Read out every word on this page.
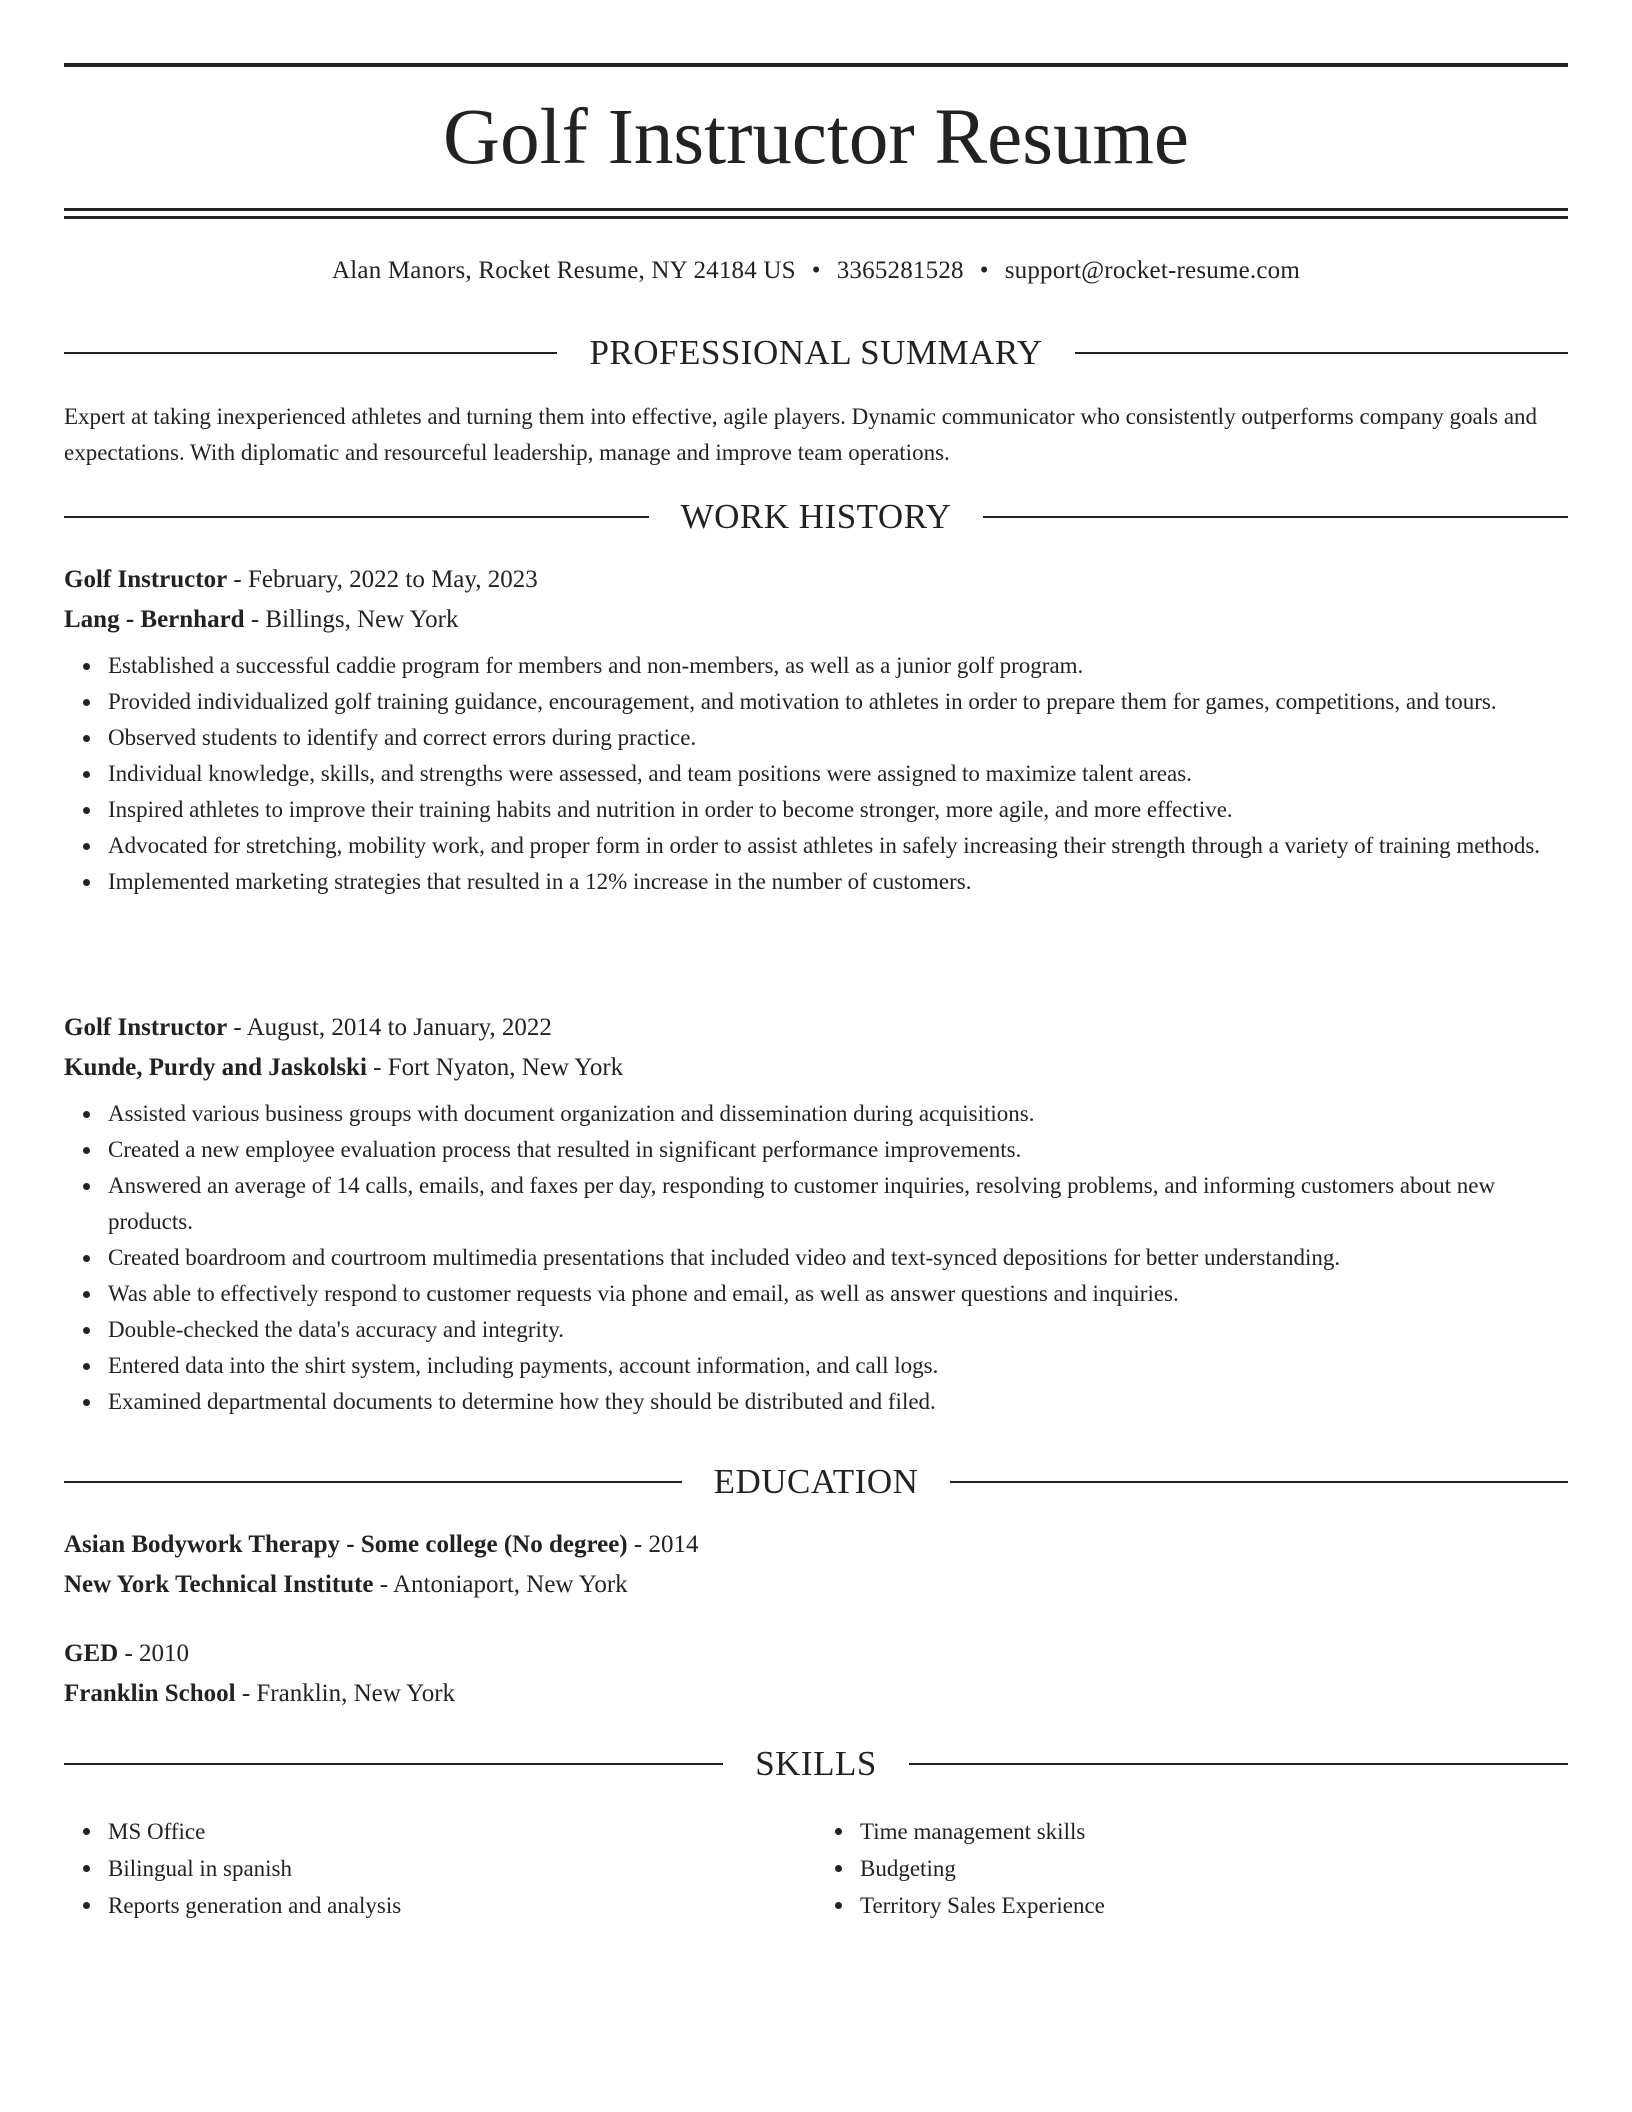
Golf Instructor Resume
Alan Manors, Rocket Resume, NY 24184 US • 3365281528 • support@rocket-resume.com
PROFESSIONAL SUMMARY
Expert at taking inexperienced athletes and turning them into effective, agile players. Dynamic communicator who consistently outperforms company goals and expectations. With diplomatic and resourceful leadership, manage and improve team operations.
WORK HISTORY
Golf Instructor - February, 2022 to May, 2023
Lang - Bernhard - Billings, New York
Established a successful caddie program for members and non-members, as well as a junior golf program.
Provided individualized golf training guidance, encouragement, and motivation to athletes in order to prepare them for games, competitions, and tours.
Observed students to identify and correct errors during practice.
Individual knowledge, skills, and strengths were assessed, and team positions were assigned to maximize talent areas.
Inspired athletes to improve their training habits and nutrition in order to become stronger, more agile, and more effective.
Advocated for stretching, mobility work, and proper form in order to assist athletes in safely increasing their strength through a variety of training methods.
Implemented marketing strategies that resulted in a 12% increase in the number of customers.
Golf Instructor - August, 2014 to January, 2022
Kunde, Purdy and Jaskolski - Fort Nyaton, New York
Assisted various business groups with document organization and dissemination during acquisitions.
Created a new employee evaluation process that resulted in significant performance improvements.
Answered an average of 14 calls, emails, and faxes per day, responding to customer inquiries, resolving problems, and informing customers about new products.
Created boardroom and courtroom multimedia presentations that included video and text-synced depositions for better understanding.
Was able to effectively respond to customer requests via phone and email, as well as answer questions and inquiries.
Double-checked the data's accuracy and integrity.
Entered data into the shirt system, including payments, account information, and call logs.
Examined departmental documents to determine how they should be distributed and filed.
EDUCATION
Asian Bodywork Therapy - Some college (No degree) - 2014
New York Technical Institute - Antoniaport, New York
GED - 2010
Franklin School - Franklin, New York
SKILLS
MS Office
Bilingual in spanish
Reports generation and analysis
Time management skills
Budgeting
Territory Sales Experience
